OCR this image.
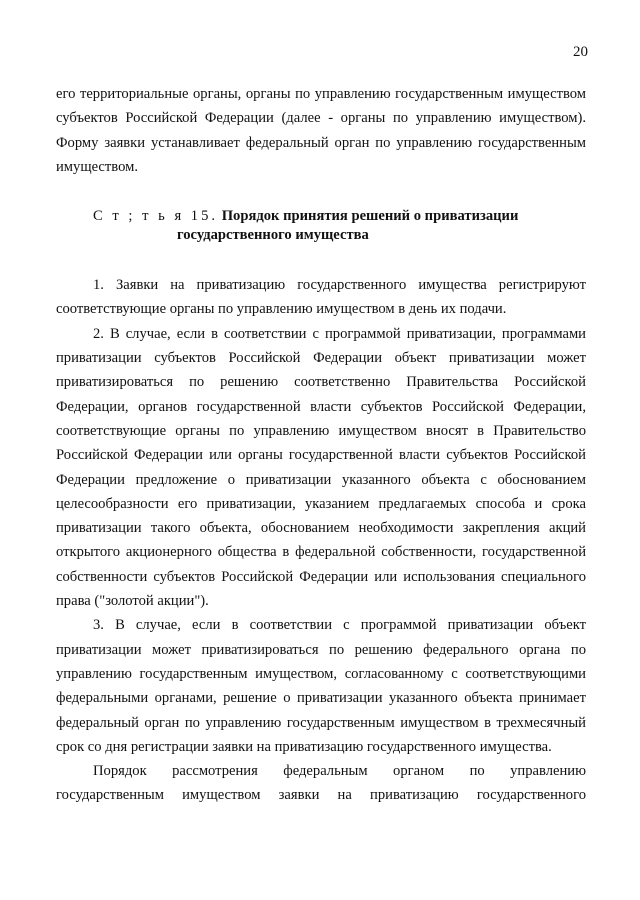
20

его территориальные органы, органы по управлению государственным имуществом субъектов Российской Федерации (далее - органы по управлению имуществом). Форму заявки устанавливает федеральный орган по управлению государственным имуществом.

С т ; т ь я 15. Порядок принятия решений о приватизации
государственного имущества

1. Заявки на приватизацию государственного имущества регистрируют соответствующие органы по управлению имуществом в день их подачи.

2. В случае, если в соответствии с программой приватизации, программами приватизации субъектов Российской Федерации объект приватизации может приватизироваться по решению соответственно Правительства Российской Федерации, органов государственной власти субъектов Российской Федерации, соответствующие органы по управлению имуществом вносят в Правительство Российской Федерации или органы государственной власти субъектов Российской Федерации предложение о приватизации указанного объекта с обоснованием целесообразности его приватизации, указанием предлагаемых способа и срока приватизации такого объекта, обоснованием необходимости закрепления акций открытого акционерного общества в федеральной собственности, государственной собственности субъектов Российской Федерации или использования специального права ("золотой акции").

3. В случае, если в соответствии с программой приватизации объект приватизации может приватизироваться по решению федерального органа по управлению государственным имуществом, согласованному с соответствующими федеральными органами, решение о приватизации указанного объекта принимает федеральный орган по управлению государственным имуществом в трехмесячный срок со дня регистрации заявки на приватизацию государственного имущества.

Порядок рассмотрения федеральным органом по управлению государственным имуществом заявки на приватизацию государственного
